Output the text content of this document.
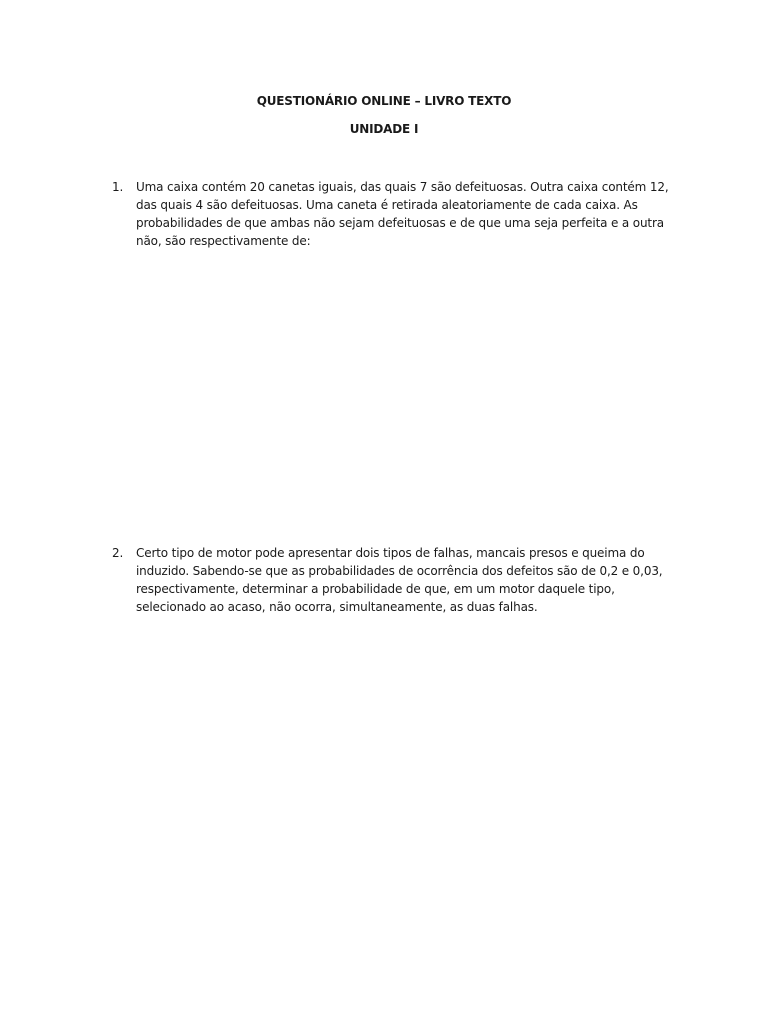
QUESTIONÁRIO ONLINE – LIVRO TEXTO
UNIDADE I
1.	Uma caixa contém 20 canetas iguais, das quais 7 são defeituosas. Outra caixa contém 12, das quais 4 são defeituosas. Uma caneta é retirada aleatoriamente de cada caixa. As probabilidades de que ambas não sejam defeituosas e de que uma seja perfeita e a outra não, são respectivamente de:
2.	Certo tipo de motor pode apresentar dois tipos de falhas, mancais presos e queima do induzido. Sabendo-se que as probabilidades de ocorrência dos defeitos são de 0,2 e 0,03, respectivamente, determinar a probabilidade de que, em um motor daquele tipo, selecionado ao acaso, não ocorra, simultaneamente, as duas falhas.
